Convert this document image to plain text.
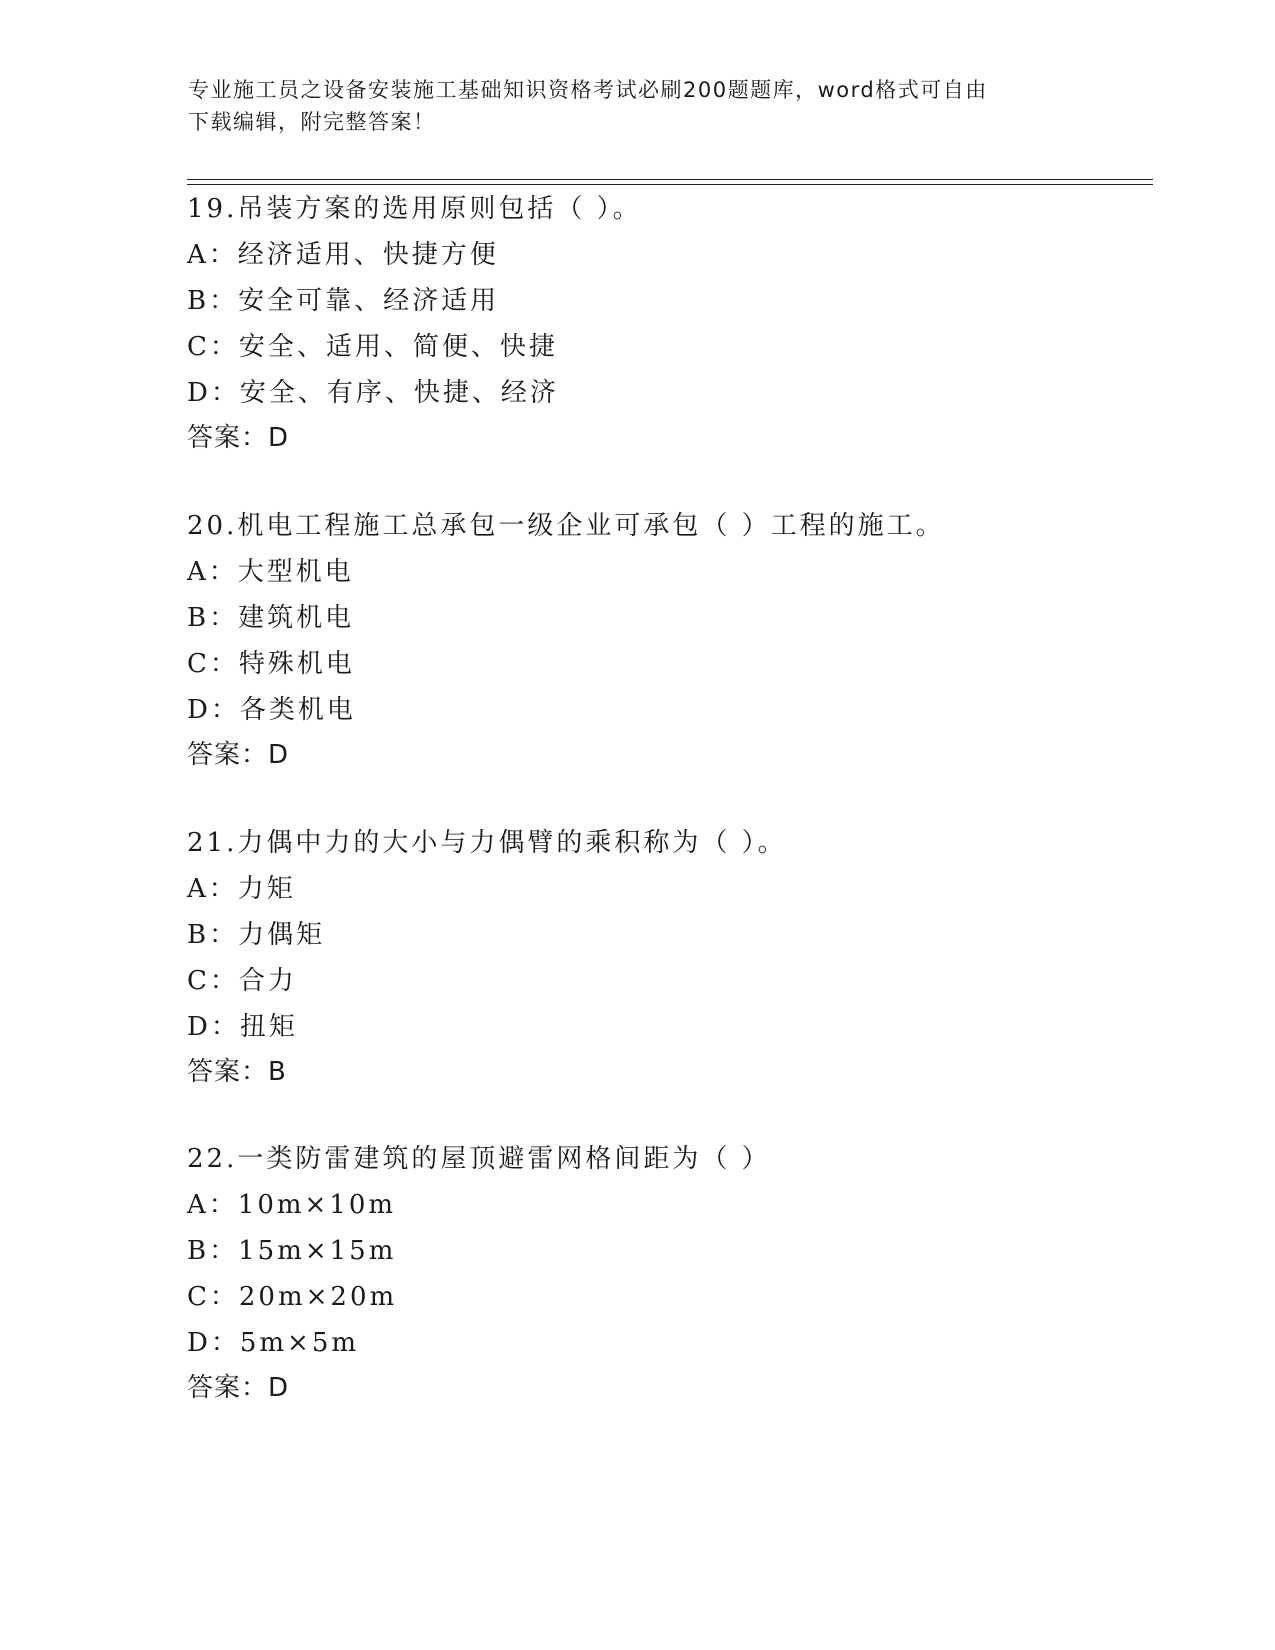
专业施工员之设备安装施工基础知识资格考试必刷200题题库，word格式可自由
下载编辑，附完整答案！
19.吊装方案的选用原则包括（ ）。
A：经济适用、快捷方便
B：安全可靠、经济适用
C：安全、适用、简便、快捷
D：安全、有序、快捷、经济
答案：D
20.机电工程施工总承包一级企业可承包（ ）工程的施工。
A：大型机电
B：建筑机电
C：特殊机电
D：各类机电
答案：D
21.力偶中力的大小与力偶臂的乘积称为（ ）。
A：力矩
B：力偶矩
C：合力
D：扭矩
答案：B
22.一类防雷建筑的屋顶避雷网格间距为（ ）
A：10m×10m
B：15m×15m
C：20m×20m
D：5m×5m
答案：D
